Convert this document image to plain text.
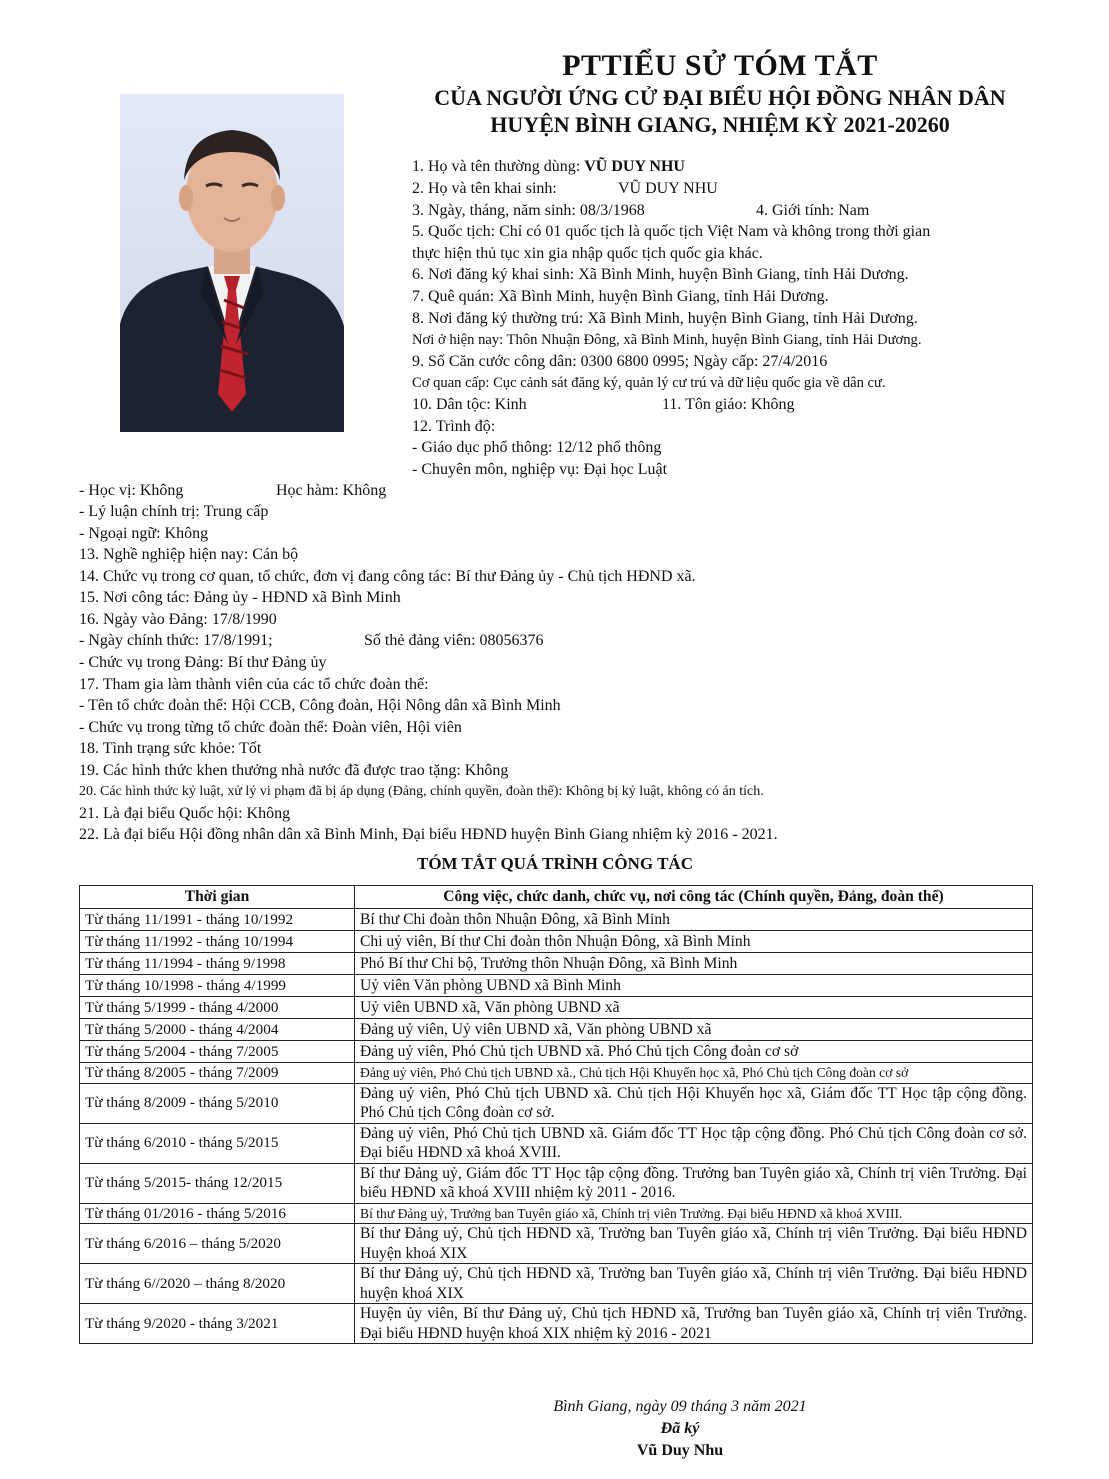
PTTIỂU SỬ TÓM TẮT
CỦA NGƯỜI ỨNG CỬ ĐẠI BIỂU HỘI ĐỒNG NHÂN DÂN
HUYỆN BÌNH GIANG, NHIỆM KỲ 2021-20260
1. Họ và tên thường dùng: VŨ DUY NHU
2. Họ và tên khai sinh:	VŨ DUY NHU
3. Ngày, tháng, năm sinh: 08/3/1968	4. Giới tính: Nam
5. Quốc tịch: Chỉ có 01 quốc tịch là quốc tịch Việt Nam và không trong thời gian
thực hiện thủ tục xin gia nhập quốc tịch quốc gia khác.
6. Nơi đăng ký khai sinh: Xã Bình Minh, huyện Bình Giang, tỉnh Hải Dương.
7. Quê quán: Xã Bình Minh, huyện Bình Giang, tỉnh Hải Dương.
8. Nơi đăng ký thường trú: Xã Bình Minh, huyện Bình Giang, tỉnh Hải Dương.
Nơi ở hiện nay: Thôn Nhuận Đông, xã Bình Minh, huyện Bình Giang, tỉnh Hải Dương.
9. Số Căn cước công dân: 0300 6800 0995; Ngày cấp: 27/4/2016
Cơ quan cấp: Cục cảnh sát đăng ký, quản lý cư trú và dữ liệu quốc gia về dân cư.
10. Dân tộc: Kinh	11. Tôn giáo: Không
12. Trình độ:
- Giáo dục phổ thông: 12/12 phổ thông
- Chuyên môn, nghiệp vụ: Đại học Luật
- Học vị: Không	Học hàm: Không
- Lý luận chính trị: Trung cấp
- Ngoại ngữ: Không
13. Nghề nghiệp hiện nay: Cán bộ
14. Chức vụ trong cơ quan, tổ chức, đơn vị đang công tác: Bí thư Đảng ủy - Chủ tịch HĐND xã.
15. Nơi công tác: Đảng ủy - HĐND xã Bình Minh
16. Ngày vào Đảng: 17/8/1990
- Ngày chính thức: 17/8/1991;	Số thẻ đảng viên: 08056376
- Chức vụ trong Đảng: Bí thư Đảng ủy
17. Tham gia làm thành viên của các tổ chức đoàn thể:
- Tên tổ chức đoàn thể: Hội CCB, Công đoàn, Hội Nông dân xã Bình Minh
- Chức vụ trong từng tổ chức đoàn thể: Đoàn viên, Hội viên
18. Tình trạng sức khỏe: Tốt
19. Các hình thức khen thưởng nhà nước đã được trao tặng: Không
20. Các hình thức kỷ luật, xử lý vi phạm đã bị áp dụng (Đảng, chính quyền, đoàn thể): Không bị kỷ luật, không có án tích.
21. Là đại biểu Quốc hội: Không
22. Là đại biểu Hội đồng nhân dân xã Bình Minh, Đại biểu HĐND huyện Bình Giang nhiệm kỳ 2016 - 2021.
TÓM TẮT QUÁ TRÌNH CÔNG TÁC
Thời gian	Công việc, chức danh, chức vụ, nơi công tác (Chính quyền, Đảng, đoàn thể)
Từ tháng 11/1991 - tháng 10/1992	Bí thư Chi đoàn thôn Nhuận Đông, xã Bình Minh
Từ tháng 11/1992 - tháng 10/1994	Chi uỷ viên, Bí thư Chi đoàn thôn Nhuận Đông, xã Bình Minh
Từ tháng 11/1994 - tháng 9/1998	Phó Bí thư Chi bộ, Trưởng thôn Nhuận Đông, xã Bình Minh
Từ tháng 10/1998 - tháng 4/1999	Uỷ viên Văn phòng UBND xã Bình Minh
Từ tháng 5/1999 - tháng 4/2000	Uỷ viên UBND xã, Văn phòng UBND xã
Từ tháng 5/2000 - tháng 4/2004	Đảng uỷ viên, Uỷ viên UBND xã, Văn phòng UBND xã
Từ tháng 5/2004 - tháng 7/2005	Đảng uỷ viên, Phó Chủ tịch UBND xã. Phó Chủ tịch Công đoàn cơ sở
Từ tháng 8/2005 - tháng 7/2009	Đảng uỷ viên, Phó Chủ tịch UBND xã., Chủ tịch Hội Khuyến học xã, Phó Chủ tịch Công đoàn cơ sở
Từ tháng 8/2009 - tháng 5/2010	Đảng uỷ viên, Phó Chủ tịch UBND xã. Chủ tịch Hội Khuyến học xã, Giám đốc TT Học tập cộng đồng. Phó Chủ tịch Công đoàn cơ sở.
Từ tháng 6/2010 - tháng 5/2015	Đảng uỷ viên, Phó Chủ tịch UBND xã. Giám đốc TT Học tập cộng đồng. Phó Chủ tịch Công đoàn cơ sở. Đại biểu HĐND xã khoá XVIII.
Từ tháng 5/2015- tháng 12/2015	Bí thư Đảng uỷ, Giám đốc TT Học tập cộng đồng. Trưởng ban Tuyên giáo xã, Chính trị viên Trưởng. Đại biểu HĐND xã khoá XVIII nhiệm kỳ 2011 - 2016.
Từ tháng 01/2016 - tháng 5/2016	Bí thư Đảng uỷ, Trưởng ban Tuyên giáo xã, Chính trị viên Trưởng. Đại biểu HĐND xã khoá XVIII.
Từ tháng 6/2016 – tháng 5/2020	Bí thư Đảng uỷ, Chủ tịch HĐND xã, Trưởng ban Tuyên giáo xã, Chính trị viên Trưởng. Đại biểu HĐND Huyện khoá XIX
Từ tháng 6//2020 – tháng 8/2020	Bí thư Đảng uỷ, Chủ tịch HĐND xã, Trưởng ban Tuyên giáo xã, Chính trị viên Trưởng. Đại biểu HĐND huyện khoá XIX
Từ tháng 9/2020 - tháng 3/2021	Huyện ủy viên, Bí thư Đảng uỷ, Chủ tịch HĐND xã, Trưởng ban Tuyên giáo xã, Chính trị viên Trưởng. Đại biểu HĐND huyện khoá XIX nhiệm kỳ 2016 - 2021
Bình Giang, ngày 09 tháng 3 năm 2021
Đã ký
Vũ Duy Nhu
